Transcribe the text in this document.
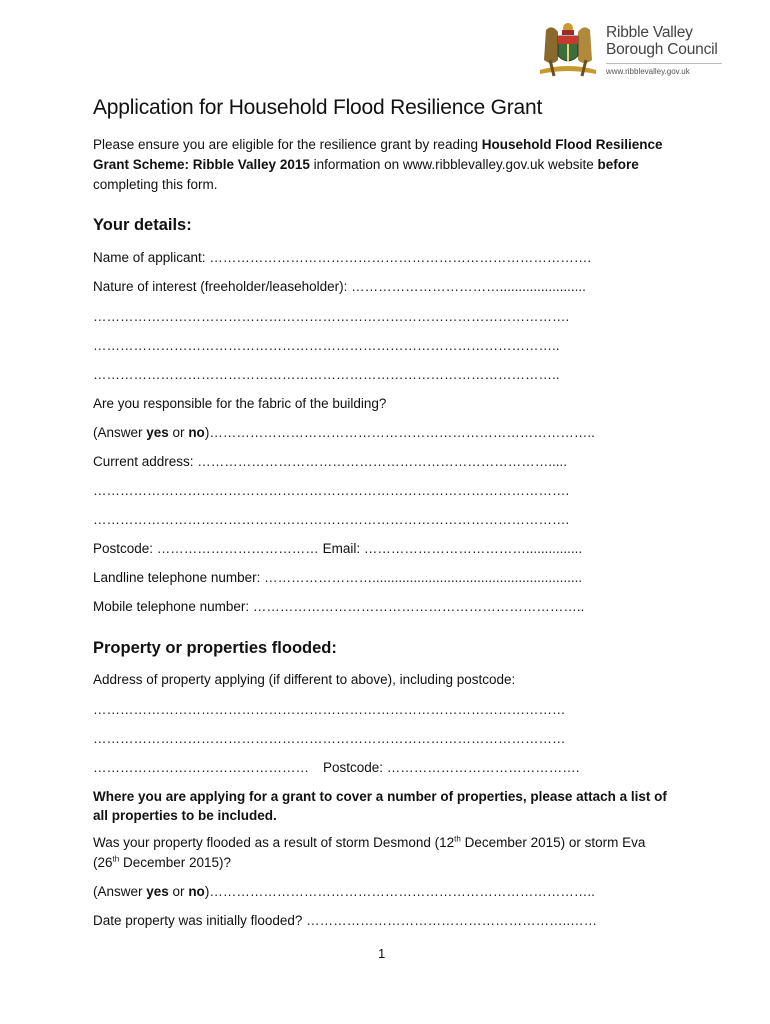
Ribble Valley
Borough Council
www.ribblevalley.gov.uk
Application for Household Flood Resilience Grant
Please ensure you are eligible for the resilience grant by reading Household Flood Resilience Grant Scheme: Ribble Valley 2015 information on www.ribblevalley.gov.uk website before completing this form.
Your details:
Name of applicant: ………………………………………………………………………….
Nature of interest (freeholder/leaseholder): …………………………….......................
…………………………………………………………………………………………….
…………………………………………………………………………………………..
…………………………………………………………………………………………..
Are you responsible for the fabric of the building?
(Answer yes or no)…………………………………………………………………………..
Current address: …………………………………………………………………….....
…………………………………………………………………………………………….
…………………………………………………………………………………………….
Postcode: ……………………………… Email: ………………………………...............
Landline telephone number: ……………………........................................................
Mobile telephone number: ………………………………………………………………..
Property or properties flooded:
Address of property applying (if different to above), including postcode:
……………………………………………………………………………………………
……………………………………………………………………………………………
………………………………………… Postcode: …………………………………….
Where you are applying for a grant to cover a number of properties, please attach a list of all properties to be included.
Was your property flooded as a result of storm Desmond (12th December 2015) or storm Eva (26th December 2015)?
(Answer yes or no)…………………………………………………………………………..
Date property was initially flooded? …………………………………………………..……
1
